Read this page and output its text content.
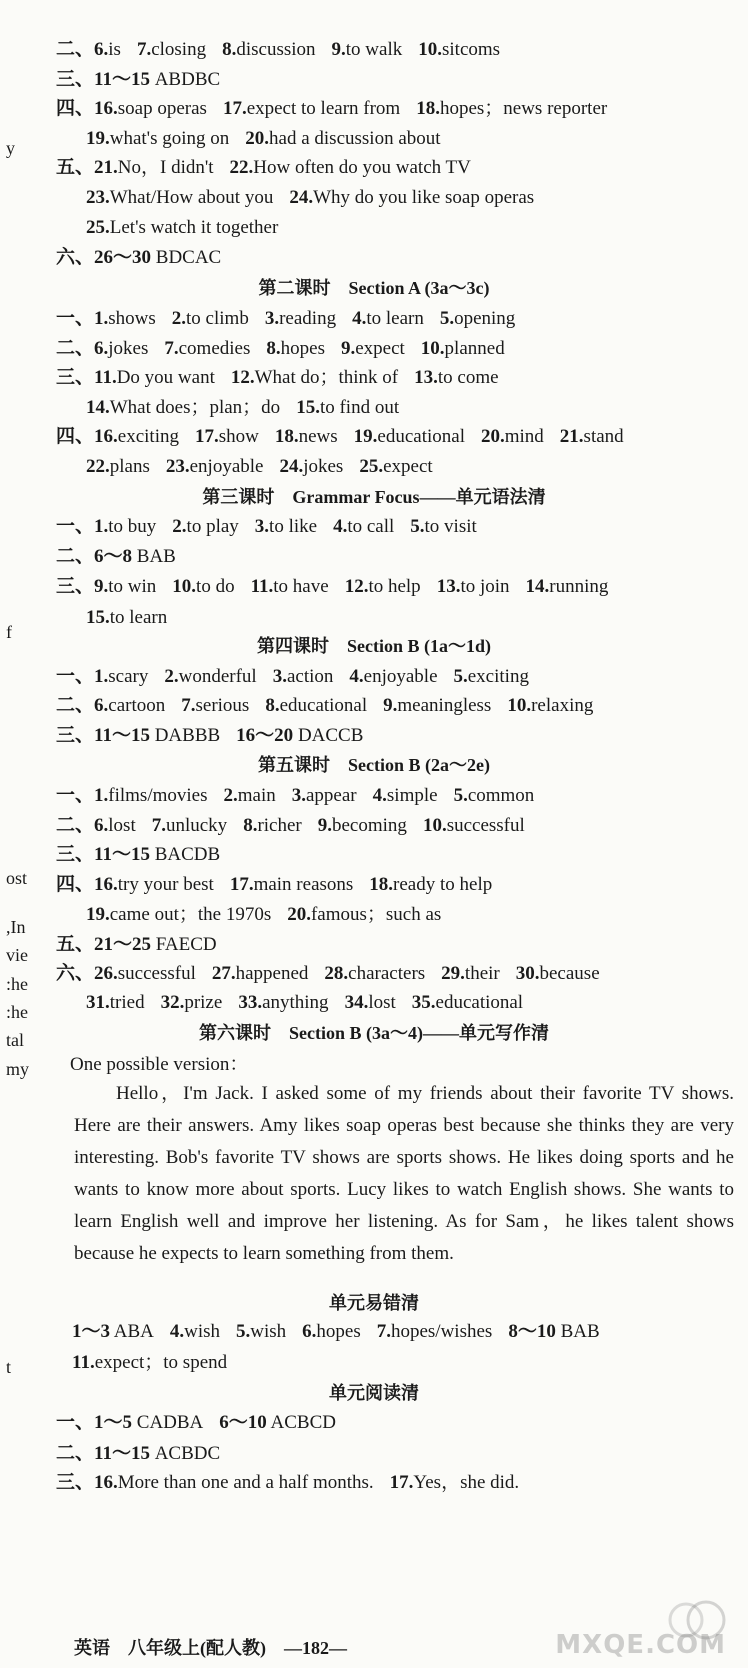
y
f
ost
,In
vie
:he
:he
tal
my
t
二、6.is 7.closing 8.discussion 9.to walk 10.sitcoms
三、11～15 ABDBC
四、16.soap operas 17.expect to learn from 18.hopes；news reporter
19.what's going on 20.had a discussion about
五、21.No，I didn't 22.How often do you watch TV
23.What/How about you 24.Why do you like soap operas
25.Let's watch it together
六、26～30 BDCAC
第二课时　Section A (3a～3c)
一、1.shows 2.to climb 3.reading 4.to learn 5.opening
二、6.jokes 7.comedies 8.hopes 9.expect 10.planned
三、11.Do you want 12.What do；think of 13.to come
14.What does；plan；do 15.to find out
四、16.exciting 17.show 18.news 19.educational 20.mind 21.stand
22.plans 23.enjoyable 24.jokes 25.expect
第三课时　Grammar Focus——单元语法清
一、1.to buy 2.to play 3.to like 4.to call 5.to visit
二、6～8 BAB
三、9.to win 10.to do 11.to have 12.to help 13.to join 14.running
15.to learn
第四课时　Section B (1a～1d)
一、1.scary 2.wonderful 3.action 4.enjoyable 5.exciting
二、6.cartoon 7.serious 8.educational 9.meaningless 10.relaxing
三、11～15 DABBB 16～20 DACCB
第五课时　Section B (2a～2e)
一、1.films/movies 2.main 3.appear 4.simple 5.common
二、6.lost 7.unlucky 8.richer 9.becoming 10.successful
三、11～15 BACDB
四、16.try your best 17.main reasons 18.ready to help
19.came out；the 1970s 20.famous；such as
五、21～25 FAECD
六、26.successful 27.happened 28.characters 29.their 30.because
31.tried 32.prize 33.anything 34.lost 35.educational
第六课时　Section B (3a～4)——单元写作清
One possible version：
Hello，I'm Jack. I asked some of my friends about their favorite TV shows. Here are their answers. Amy likes soap operas best because she thinks they are very interesting. Bob's favorite TV shows are sports shows. He likes doing sports and he wants to know more about sports. Lucy likes to watch English shows. She wants to learn English well and improve her listening. As for Sam，he likes talent shows because he expects to learn something from them.
单元易错清
1～3 ABA 4.wish 5.wish 6.hopes 7.hopes/wishes 8～10 BAB
11.expect；to spend
单元阅读清
一、1～5 CADBA 6～10 ACBCD
二、11～15 ACBDC
三、16.More than one and a half months. 17.Yes，she did.
英语　八年级上(配人教)　—182—	MXQE.COM
